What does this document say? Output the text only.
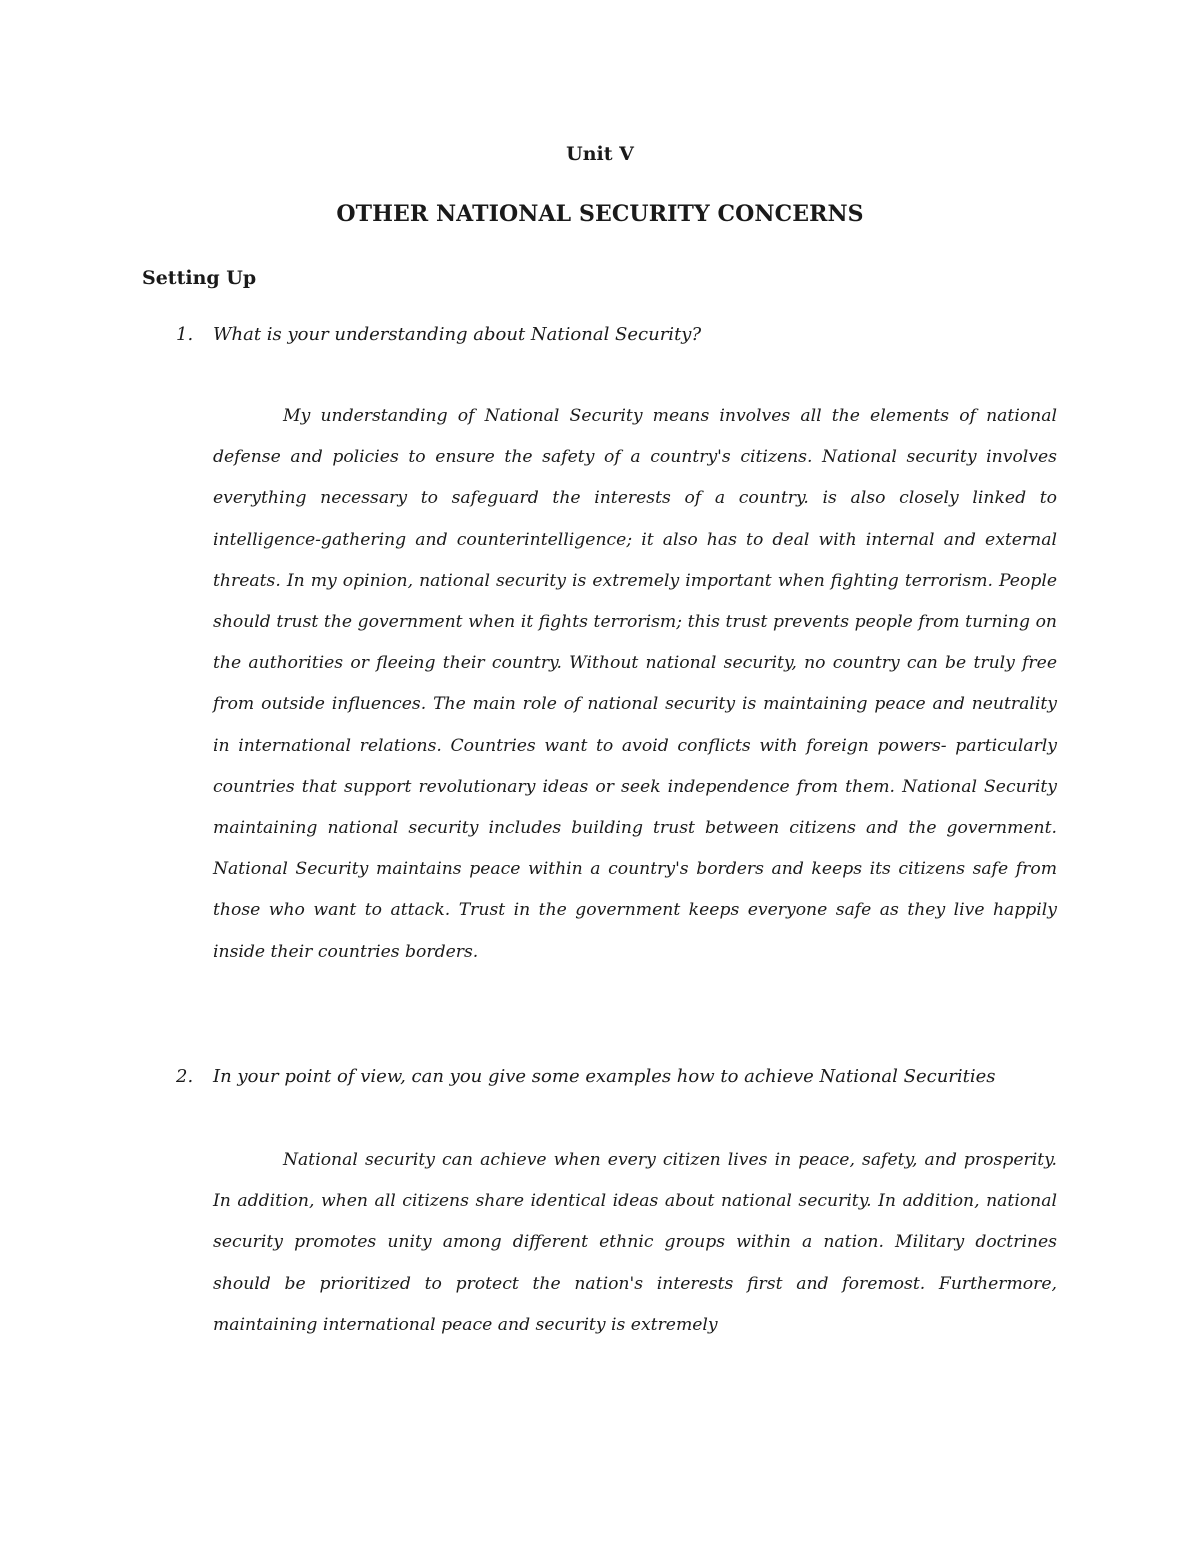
Unit V
OTHER NATIONAL SECURITY CONCERNS
Setting Up
1.	What is your understanding about National Security?

My understanding of National Security means involves all the elements of national defense and policies to ensure the safety of a country's citizens. National security involves everything necessary to safeguard the interests of a country. is also closely linked to intelligence-gathering and counterintelligence; it also has to deal with internal and external threats. In my opinion, national security is extremely important when fighting terrorism. People should trust the government when it fights terrorism; this trust prevents people from turning on the authorities or fleeing their country. Without national security, no country can be truly free from outside influences. The main role of national security is maintaining peace and neutrality in international relations. Countries want to avoid conflicts with foreign powers- particularly countries that support revolutionary ideas or seek independence from them. National Security maintaining national security includes building trust between citizens and the government. National Security maintains peace within a country's borders and keeps its citizens safe from those who want to attack. Trust in the government keeps everyone safe as they live happily inside their countries borders.

2.	In your point of view, can you give some examples how to achieve National Securities

National security can achieve when every citizen lives in peace, safety, and prosperity. In addition, when all citizens share identical ideas about national security. In addition, national security promotes unity among different ethnic groups within a nation. Military doctrines should be prioritized to protect the nation's interests first and foremost. Furthermore, maintaining international peace and security is extremely
